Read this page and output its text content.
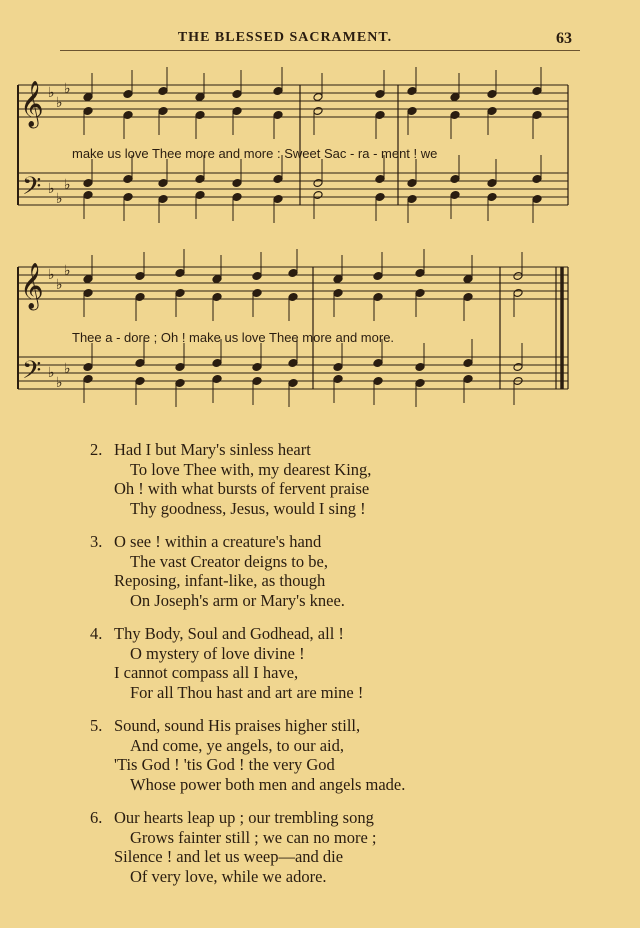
THE BLESSED SACRAMENT.	63
𝄞
𝄢
♭
♭
♭
♭
♭
♭
𝄞
𝄢
♭
♭
♭
♭
♭
♭
make us love Thee more and more : Sweet Sac - ra - ment ! we
Thee a - dore ; Oh ! make us love Thee more and more.
2. Had I but Mary's sinless heart
To love Thee with, my dearest King,
Oh ! with what bursts of fervent praise
Thy goodness, Jesus, would I sing !
3. O see ! within a creature's hand
The vast Creator deigns to be,
Reposing, infant-like, as though
On Joseph's arm or Mary's knee.
4. Thy Body, Soul and Godhead, all !
O mystery of love divine !
I cannot compass all I have,
For all Thou hast and art are mine !
5. Sound, sound His praises higher still,
And come, ye angels, to our aid,
'Tis God ! 'tis God ! the very God
Whose power both men and angels made.
6. Our hearts leap up ; our trembling song
Grows fainter still ; we can no more ;
Silence ! and let us weep—and die
Of very love, while we adore.
